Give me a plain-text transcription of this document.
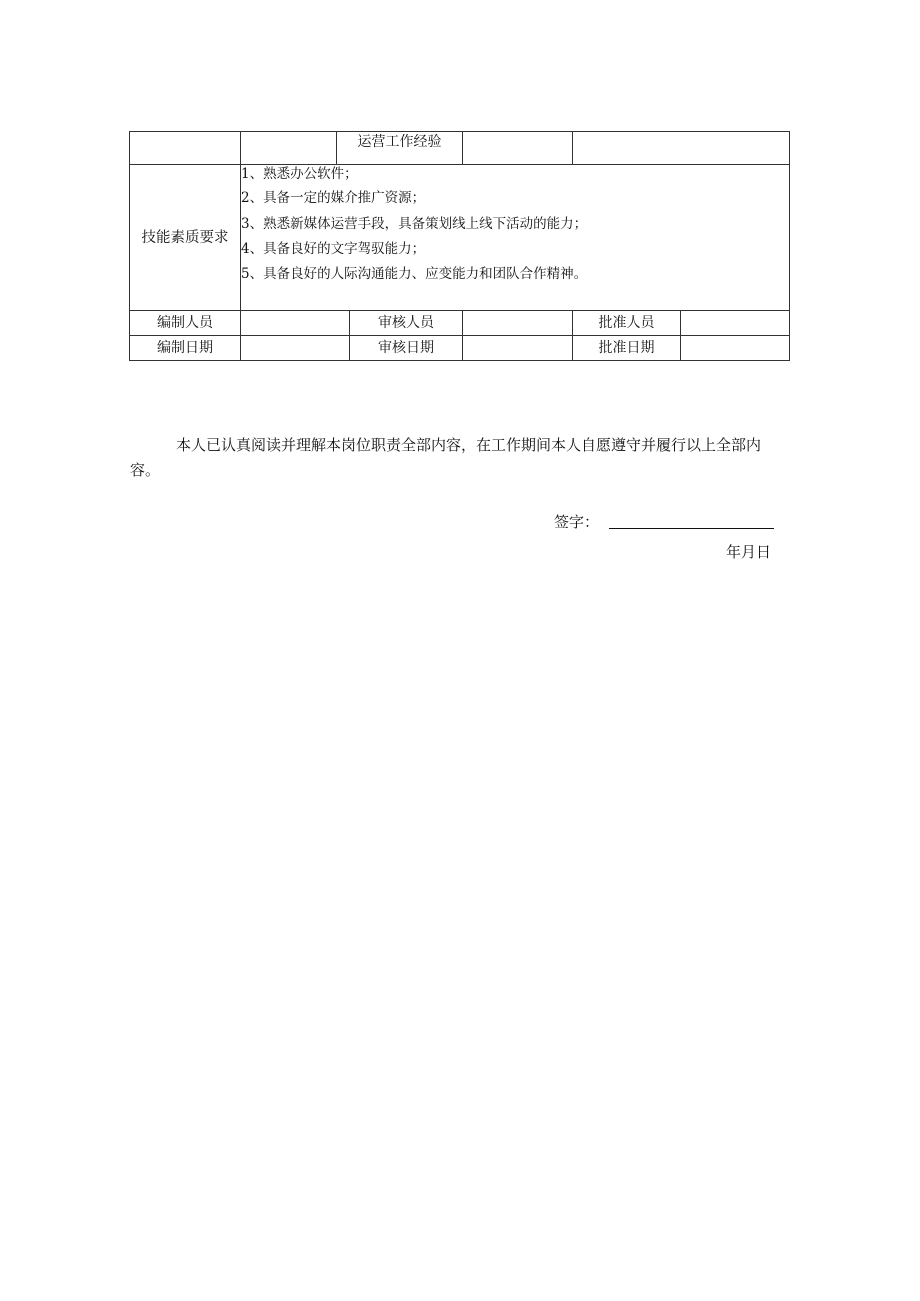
运营工作经验
技能素质要求
1、熟悉办公软件；
2、具备一定的媒介推广资源；
3、熟悉新媒体运营手段，具备策划线上线下活动的能力；
4、具备良好的文字驾驭能力；
5、具备良好的人际沟通能力、应变能力和团队合作精神。
编制人员	审核人员	批准人员
编制日期	审核日期	批准日期
本人已认真阅读并理解本岗位职责全部内容，在工作期间本人自愿遵守并履行以上全部内
容。
签字：
年月日
